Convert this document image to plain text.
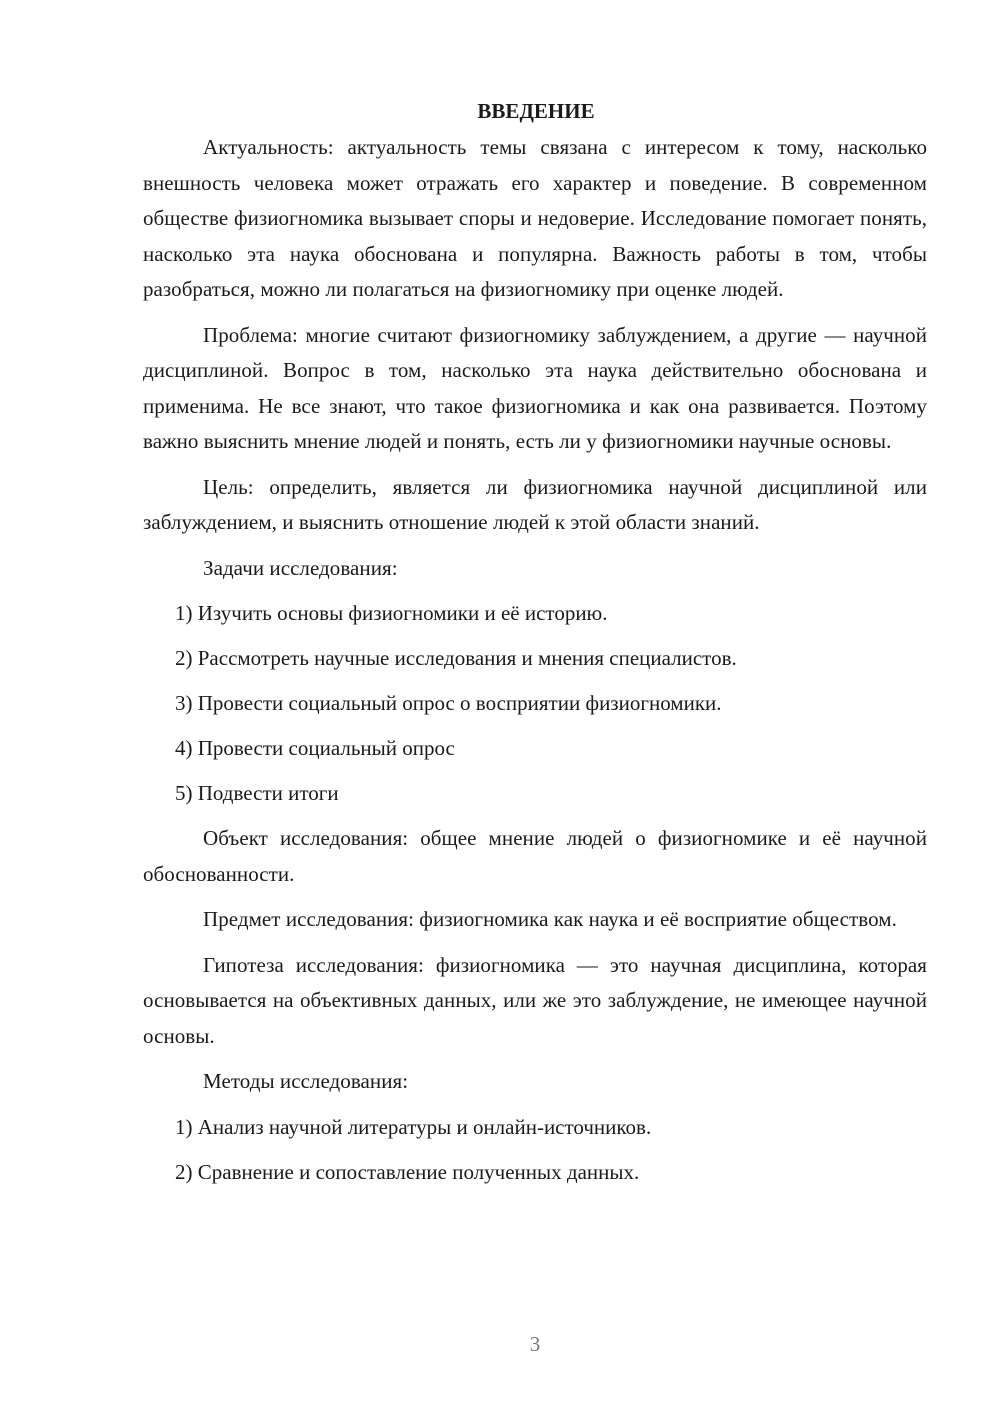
ВВЕДЕНИЕ

Актуальность: актуальность темы связана с интересом к тому, насколько внешность человека может отражать его характер и поведение. В современном обществе физиогномика вызывает споры и недоверие. Исследование помогает понять, насколько эта наука обоснована и популярна. Важность работы в том, чтобы разобраться, можно ли полагаться на физиогномику при оценке людей.

Проблема: многие считают физиогномику заблуждением, а другие — научной дисциплиной. Вопрос в том, насколько эта наука действительно обоснована и применима. Не все знают, что такое физиогномика и как она развивается. Поэтому важно выяснить мнение людей и понять, есть ли у физиогномики научные основы.

Цель: определить, является ли физиогномика научной дисциплиной или заблуждением, и выяснить отношение людей к этой области знаний.

Задачи исследования:

1) Изучить основы физиогномики и её историю.
2) Рассмотреть научные исследования и мнения специалистов.
3) Провести социальный опрос о восприятии физиогномики.
4) Провести социальный опрос
5) Подвести итоги

Объект исследования: общее мнение людей о физиогномике и её научной обоснованности.

Предмет исследования: физиогномика как наука и её восприятие обществом.

Гипотеза исследования: физиогномика — это научная дисциплина, которая основывается на объективных данных, или же это заблуждение, не имеющее научной основы.

Методы исследования:

1) Анализ научной литературы и онлайн-источников.
2) Сравнение и сопоставление полученных данных.
3
